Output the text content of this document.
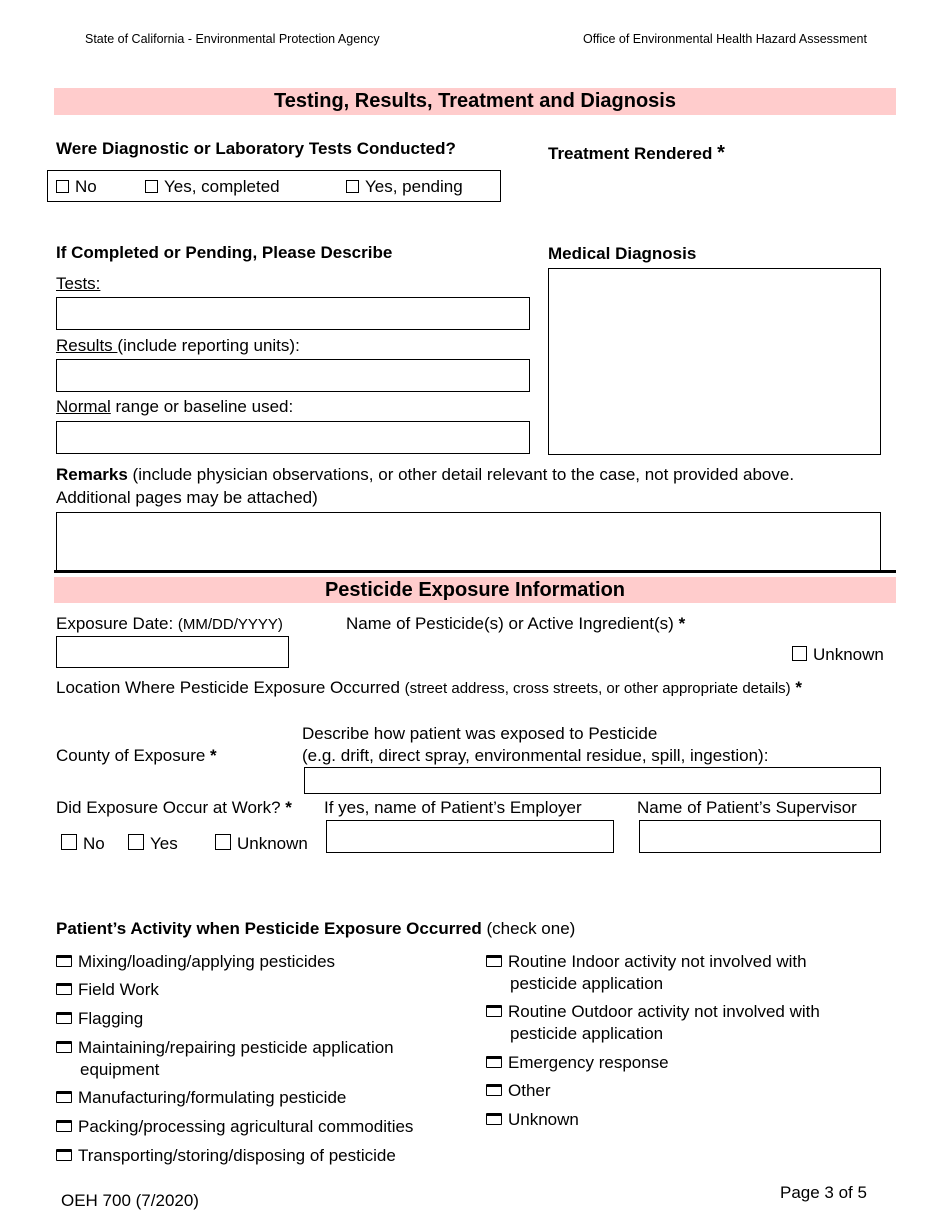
State of California - Environmental Protection Agency	Office of Environmental Health Hazard Assessment
Testing, Results, Treatment and Diagnosis
Were Diagnostic or Laboratory Tests Conducted?
No	Yes, completed	Yes, pending
Treatment Rendered *
If Completed or Pending, Please Describe
Tests:
Results (include reporting units):
Normal range or baseline used:
Medical Diagnosis
Remarks (include physician observations, or other detail relevant to the case, not provided above.
Additional pages may be attached)
Pesticide Exposure Information
Exposure Date: (MM/DD/YYYY)	Name of Pesticide(s) or Active Ingredient(s) *
Unknown
Location Where Pesticide Exposure Occurred (street address, cross streets, or other appropriate details) *
County of Exposure *
Describe how patient was exposed to Pesticide
(e.g. drift, direct spray, environmental residue, spill, ingestion):
Did Exposure Occur at Work? * If yes, name of Patient’s Employer	Name of Patient’s Supervisor
No	Yes	Unknown
Patient’s Activity when Pesticide Exposure Occurred (check one)
Mixing/loading/applying pesticides
Field Work
Flagging
Maintaining/repairing pesticide application
equipment
Manufacturing/formulating pesticide
Packing/processing agricultural commodities
Transporting/storing/disposing of pesticide
Routine Indoor activity not involved with
pesticide application
Routine Outdoor activity not involved with
pesticide application
Emergency response
Other
Unknown
OEH 700 (7/2020)	Page 3 of 5
